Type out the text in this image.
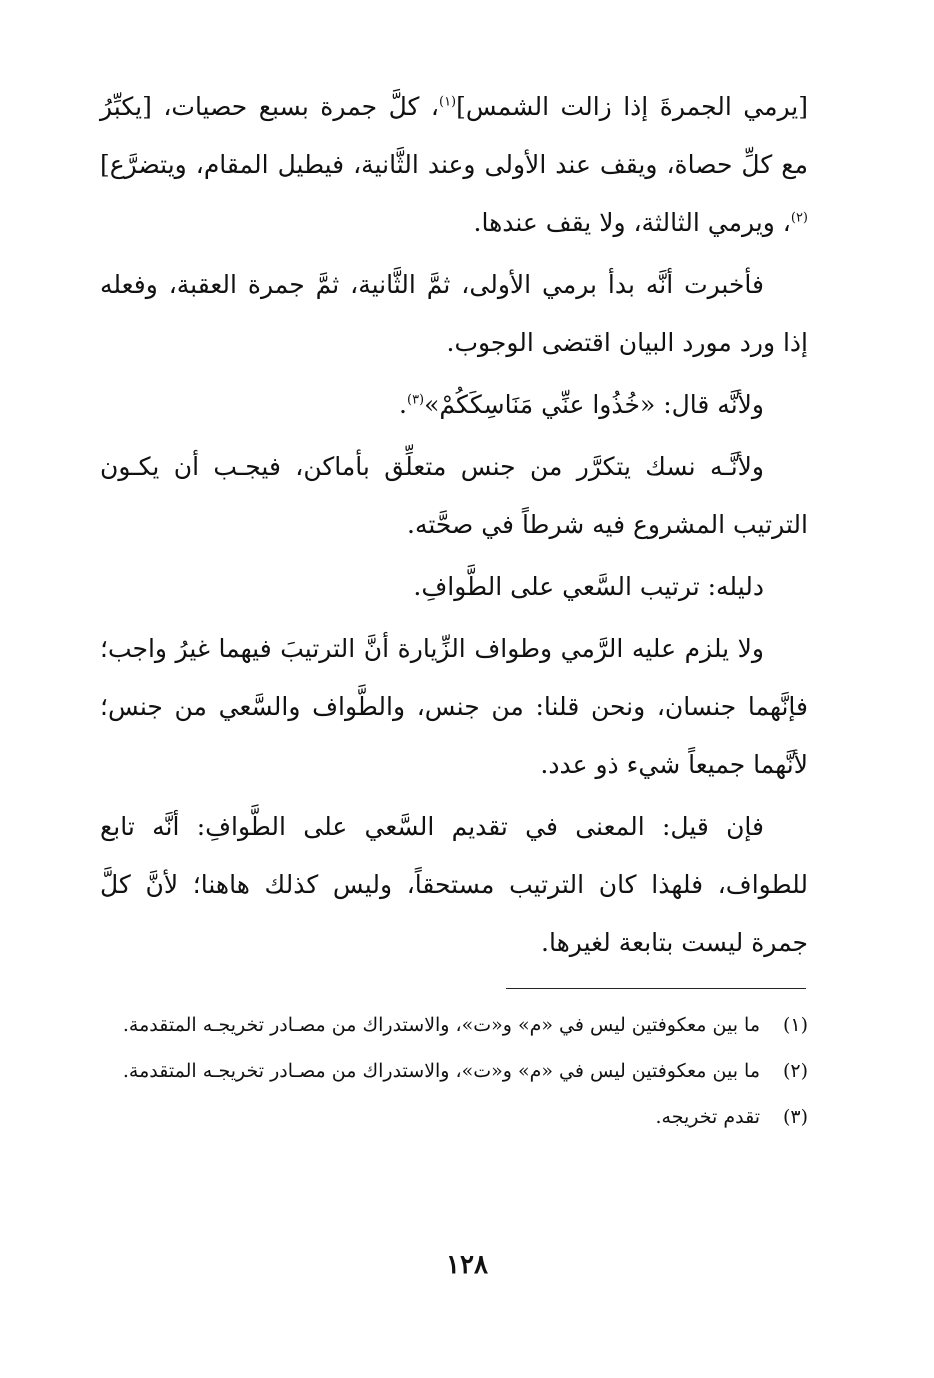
[يرمي الجمرةَ إذا زالت الشمس]$^{(١)}$، كلَّ جمرة بسبع حصيات، [يكبِّرُ مع كلِّ حصاة، ويقف عند الأولى وعند الثَّانية، فيطيل المقام، ويتضرَّع]$^{(٢)}$، ويرمي الثالثة، ولا يقف عندها.

فأخبرت أنَّه بدأ برمي الأولى، ثمَّ الثَّانية، ثمَّ جمرة العقبة، وفعله إذا ورد مورد البيان اقتضى الوجوب.

ولأنَّه قال: «خُذُوا عنِّي مَنَاسِكَكُمْ»$^{(٣)}$.

ولأنَّـه نسك يتكرَّر من جنس متعلِّق بأماكن، فيجـب أن يكـون الترتيب المشروع فيه شرطاً في صحَّته.

دليله: ترتيب السَّعي على الطَّوافِ.

ولا يلزم عليه الرَّمي وطواف الزِّيارة أنَّ الترتيبَ فيهما غيرُ واجب؛ فإنَّهما جنسان، ونحن قلنا: من جنس، والطَّواف والسَّعي من جنس؛ لأنَّهما جميعاً شيء ذو عدد.

فإن قيل: المعنى في تقديم السَّعي على الطَّوافِ: أنَّه تابع للطواف، فلهذا كان الترتيب مستحقاً، وليس كذلك هاهنا؛ لأنَّ كلَّ جمرة ليست بتابعة لغيرها.

(١)
ما بين معكوفتين ليس في «م» و«ت»، والاستدراك من مصـادر تخريجـه المتقدمة.
(٢)
ما بين معكوفتين ليس في «م» و«ت»، والاستدراك من مصـادر تخريجـه المتقدمة.
(٣)
تقدم تخريجه.
١٢٨
